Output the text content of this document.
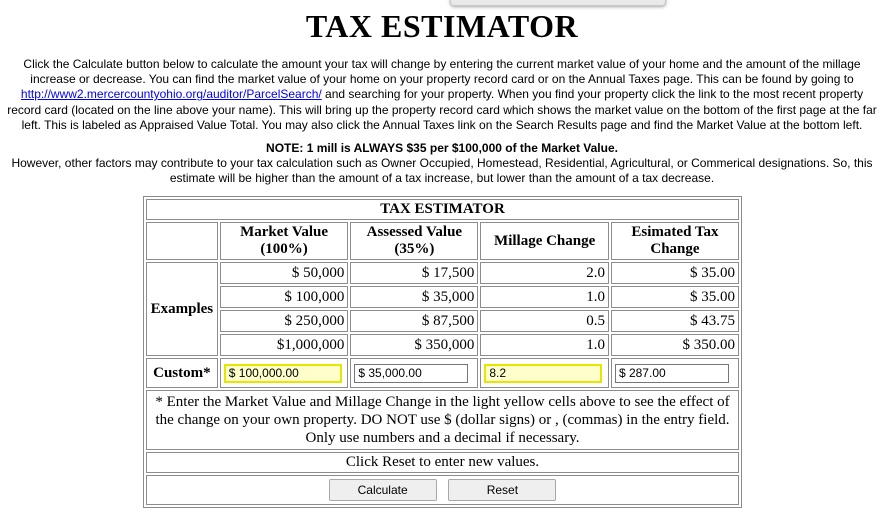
TAX ESTIMATOR
Click the Calculate button below to calculate the amount your tax will change by entering the current market value of your home and the amount of the millage increase or decrease. You can find the market value of your home on your property record card or on the Annual Taxes page. This can be found by going to http://www2.mercercountyohio.org/auditor/ParcelSearch/ and searching for your property. When you find your property click the link to the most recent property record card (located on the line above your name). This will bring up the property record card which shows the market value on the bottom of the first page at the far left. This is labeled as Appraised Value Total. You may also click the Annual Taxes link on the Search Results page and find the Market Value at the bottom left.
NOTE: 1 mill is ALWAYS $35 per $100,000 of the Market Value.
However, other factors may contribute to your tax calculation such as Owner Occupied, Homestead, Residential, Agricultural, or Commerical designations. So, this estimate will be higher than the amount of a tax increase, but lower than the amount of a tax decrease.
TAX ESTIMATOR				
	Market Value (100%)	Assessed Value (35%)	Millage Change	Esimated Tax Change
Examples	$ 50,000	$ 17,500	2.0	$ 35.00
	$ 100,000	$ 35,000	1.0	$ 35.00
	$ 250,000	$ 87,500	0.5	$ 43.75
	$1,000,000	$ 350,000	1.0	$ 350.00
Custom*	$ 100,000.00	$ 35,000.00	8.2	$ 287.00
* Enter the Market Value and Millage Change in the light yellow cells above to see the effect of the change on your own property. DO NOT use $ (dollar signs) or , (commas) in the entry field. Only use numbers and a decimal if necessary.				
Click Reset to enter new values.				
Calculate Reset				
